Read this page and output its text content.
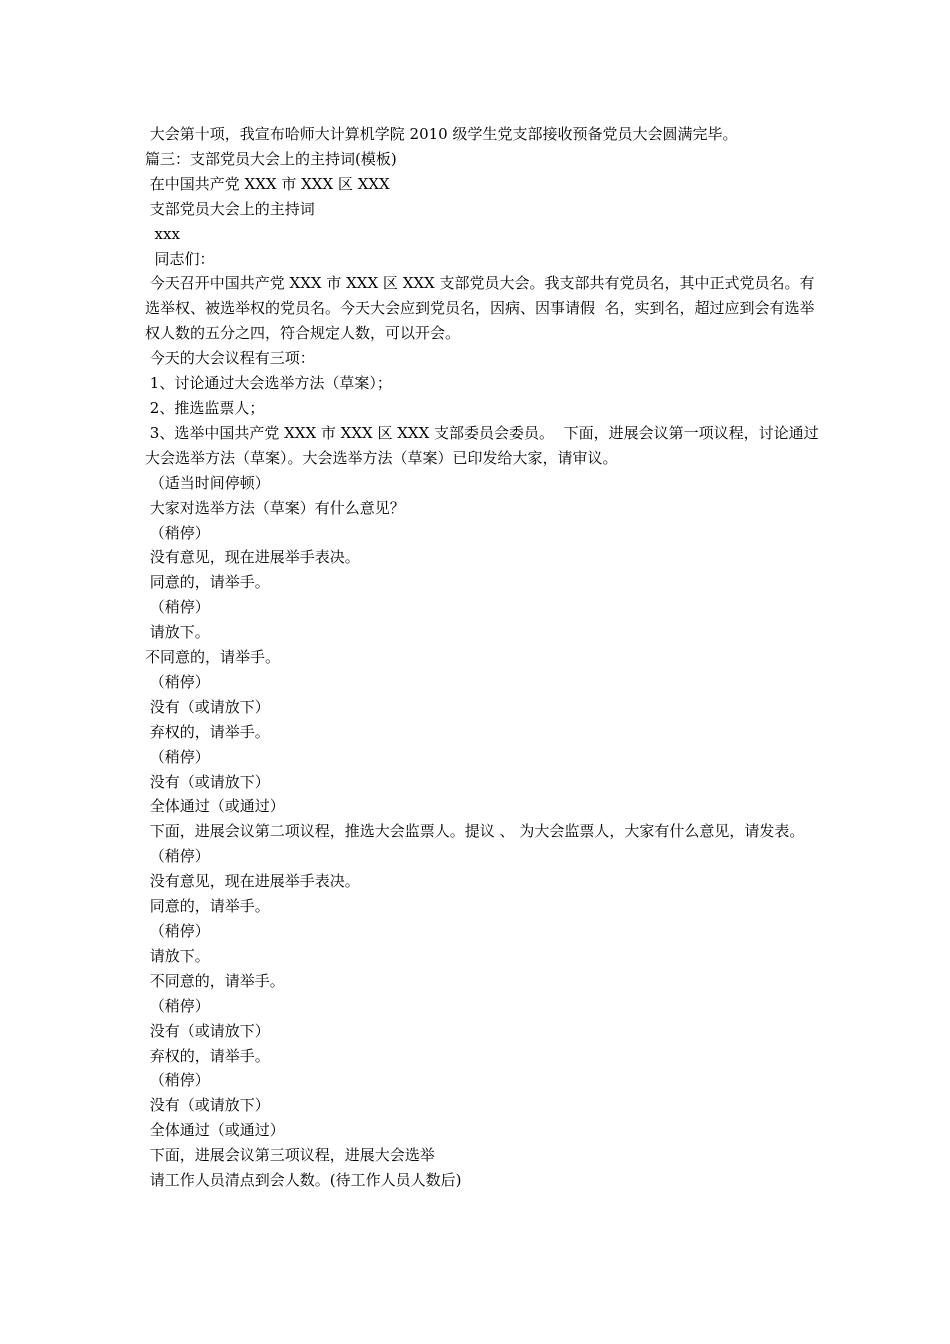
大会第十项，我宣布哈师大计算机学院 2010 级学生党支部接收预备党员大会圆满完毕。

篇三：支部党员大会上的主持词(模板)

在中国共产党 XXX 市 XXX 区 XXX

支部党员大会上的主持词

xxx

同志们：

今天召开中国共产党 XXX 市 XXX 区 XXX 支部党员大会。我支部共有党员名，其中正式党员名。有选举权、被选举权的党员名。今天大会应到党员名，因病、因事请假  名，实到名，超过应到会有选举权人数的五分之四，符合规定人数，可以开会。

今天的大会议程有三项：

1、讨论通过大会选举方法（草案）；

2、推选监票人；

3、选举中国共产党 XXX 市 XXX 区 XXX 支部委员会委员。  下面，进展会议第一项议程，讨论通过大会选举方法（草案）。大会选举方法（草案）已印发给大家，请审议。

（适当时间停顿）

大家对选举方法（草案）有什么意见？

（稍停）

没有意见，现在进展举手表决。

同意的，请举手。

（稍停）

请放下。

不同意的，请举手。

（稍停）

没有（或请放下）

弃权的，请举手。

（稍停）

没有（或请放下）

全体通过（或通过）

下面，进展会议第二项议程，推选大会监票人。提议 、 为大会监票人，大家有什么意见，请发表。

（稍停）

没有意见，现在进展举手表决。

同意的，请举手。

（稍停）

请放下。

不同意的，请举手。

（稍停）

没有（或请放下）

弃权的，请举手。

（稍停）

没有（或请放下）

全体通过（或通过）

下面，进展会议第三项议程，进展大会选举

请工作人员清点到会人数。(待工作人员人数后)
